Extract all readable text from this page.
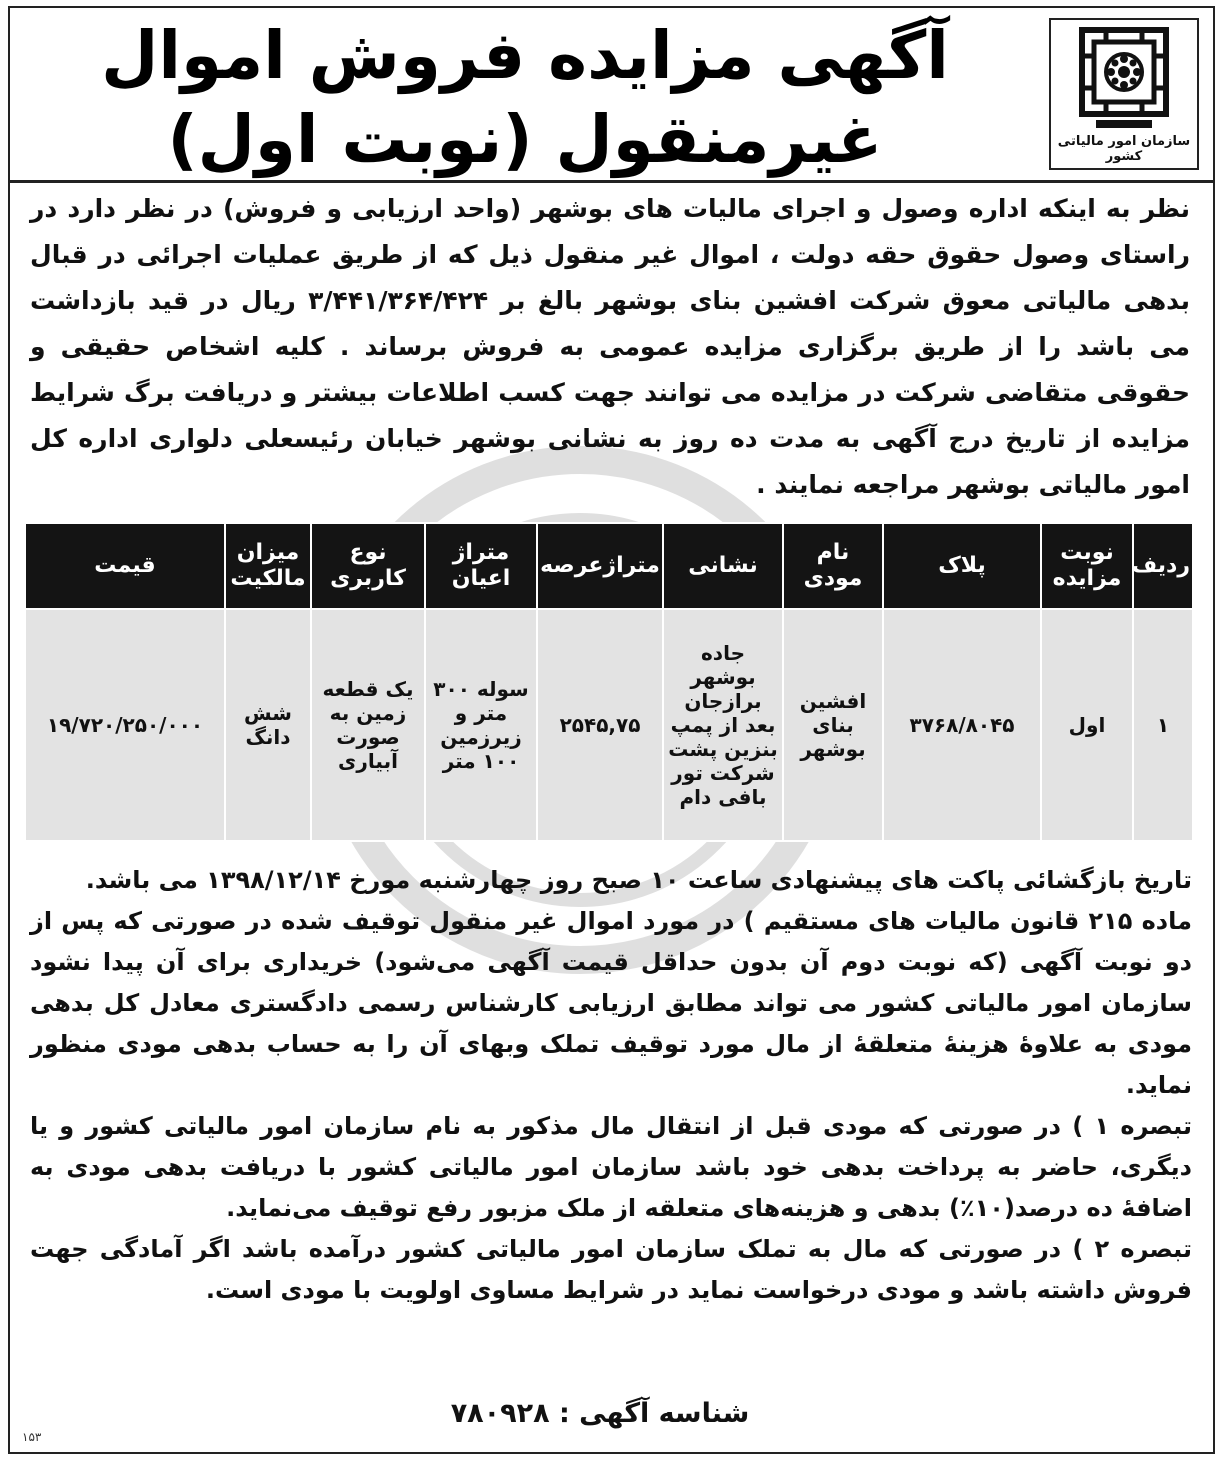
آگهی مزایده فروش اموال
غیرمنقول (نوبت اول)	سازمان امور مالیاتی کشور
نظر به اینکه اداره وصول و اجرای مالیات های بوشهر (واحد ارزیابی و فروش) در نظر دارد در راستای وصول حقوق حقه دولت ، اموال غیر منقول ذیل که از طریق عملیات اجرائی در قبال بدهی مالیاتی معوق شرکت افشین بنای بوشهر بالغ بر ۳/۴۴۱/۳۶۴/۴۲۴ ریال در قید بازداشت می باشد را از طریق برگزاری مزایده عمومی به فروش برساند . کلیه اشخاص حقیقی و حقوقی متقاضی شرکت در مزایده می توانند جهت کسب اطلاعات بیشتر و دریافت برگ شرایط مزایده از تاریخ درج آگهی به مدت ده روز به نشانی بوشهر خیابان رئیسعلی دلواری اداره کل امور مالیاتی بوشهر مراجعه نمایند .
ردیف	نوبت مزایده	پلاک	نام مودی	نشانی	متراژعرصه	متراژ اعیان	نوع کاربری	میزان مالکیت	قیمت
۱	اول	۳۷۶۸/۸۰۴۵	افشین بنای بوشهر	جاده بوشهر برازجان بعد از پمپ بنزین پشت شرکت تور بافی دام	۲۵۴۵,۷۵	سوله ۳۰۰ متر و زیرزمین ۱۰۰ متر	یک قطعه زمین به صورت آبیاری	شش دانگ	۱۹/۷۲۰/۲۵۰/۰۰۰
تاریخ بازگشائی پاکت های پیشنهادی ساعت ۱۰ صبح روز چهارشنبه مورخ ۱۳۹۸/۱۲/۱۴ می باشد.
ماده ۲۱۵ قانون مالیات های مستقیم ) در مورد اموال غیر منقول توقیف شده در صورتی که پس از دو نوبت آگهی (که نوبت دوم آن بدون حداقل قیمت آگهی می‌شود) خریداری برای آن پیدا نشود سازمان امور مالیاتی کشور می تواند مطابق ارزیابی کارشناس رسمی دادگستری معادل کل بدهی مودی به علاوهٔ هزینهٔ متعلقهٔ از مال مورد توقیف تملک وبهای آن را به حساب بدهی مودی منظور نماید.
تبصره ۱ ) در صورتی که مودی قبل از انتقال مال مذکور به نام سازمان امور مالیاتی کشور و یا دیگری، حاضر به پرداخت بدهی خود باشد سازمان امور مالیاتی کشور با دریافت بدهی مودی به اضافهٔ ده درصد(۱۰٪) بدهی و هزینه‌های متعلقه از ملک مزبور رفع توقیف می‌نماید.
تبصره ۲ ) در صورتی که مال به تملک سازمان امور مالیاتی کشور درآمده باشد اگر آمادگی جهت فروش داشته باشد و مودی درخواست نماید در شرایط مساوی اولویت با مودی است.
شناسه آگهی : ۷۸۰۹۲۸
۱۵۳
